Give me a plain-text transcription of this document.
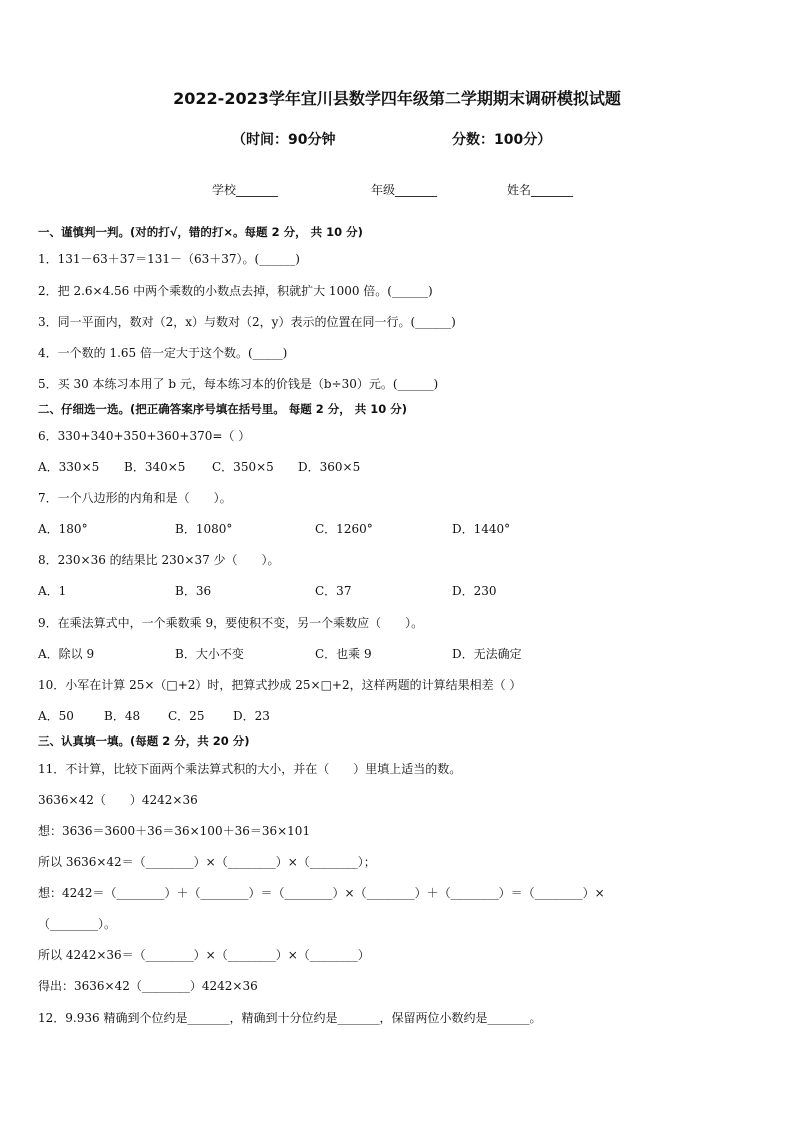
2022-2023学年宜川县数学四年级第二学期期末调研模拟试题
（时间：90分钟	分数：100分）
学校_______	年级_______	姓名_______
一、谨慎判一判。(对的打√，错的打×。每题 2 分， 共 10 分)
1．131－63＋37＝131－（63＋37）。(______)
2．把 2.6×4.56 中两个乘数的小数点去掉，积就扩大 1000 倍。(______)
3．同一平面内，数对（2，x）与数对（2，y）表示的位置在同一行。(______)
4．一个数的 1.65 倍一定大于这个数。(_____)
5．买 30 本练习本用了 b 元，每本练习本的价钱是（b÷30）元。(______)
二、仔细选一选。(把正确答案序号填在括号里。 每题 2 分， 共 10 分)
6．330+340+350+360+370=（ ）
A．330×5 B．340×5 C．350×5 D．360×5
7．一个八边形的内角和是（　　）。
A．180°	B．1080°	C．1260°	D．1440°
8．230×36 的结果比 230×37 少（　　）。
A．1	B．36	C．37	D．230
9．在乘法算式中，一个乘数乘 9，要使积不变，另一个乘数应（　　）。
A．除以 9	B．大小不变	C．也乘 9	D．无法确定
10．小军在计算 25×（□+2）时，把算式抄成 25×□+2，这样两题的计算结果相差（ ）
A．50	B．48 C．25 D．23
三、认真填一填。(每题 2 分，共 20 分)
11．不计算，比较下面两个乘法算式积的大小，并在（　　）里填上适当的数。
3636×42（　　）4242×36
想：3636＝3600＋36＝36×100＋36＝36×101
所以 3636×42＝（________）×（________）×（________）；
想：4242＝（________）＋（________）＝（________）×（________）＋（________）＝（________）×
（________）。
所以 4242×36＝（________）×（________）×（________）
得出：3636×42（________）4242×36
12．9.936 精确到个位约是_______，精确到十分位约是_______，保留两位小数约是_______。
